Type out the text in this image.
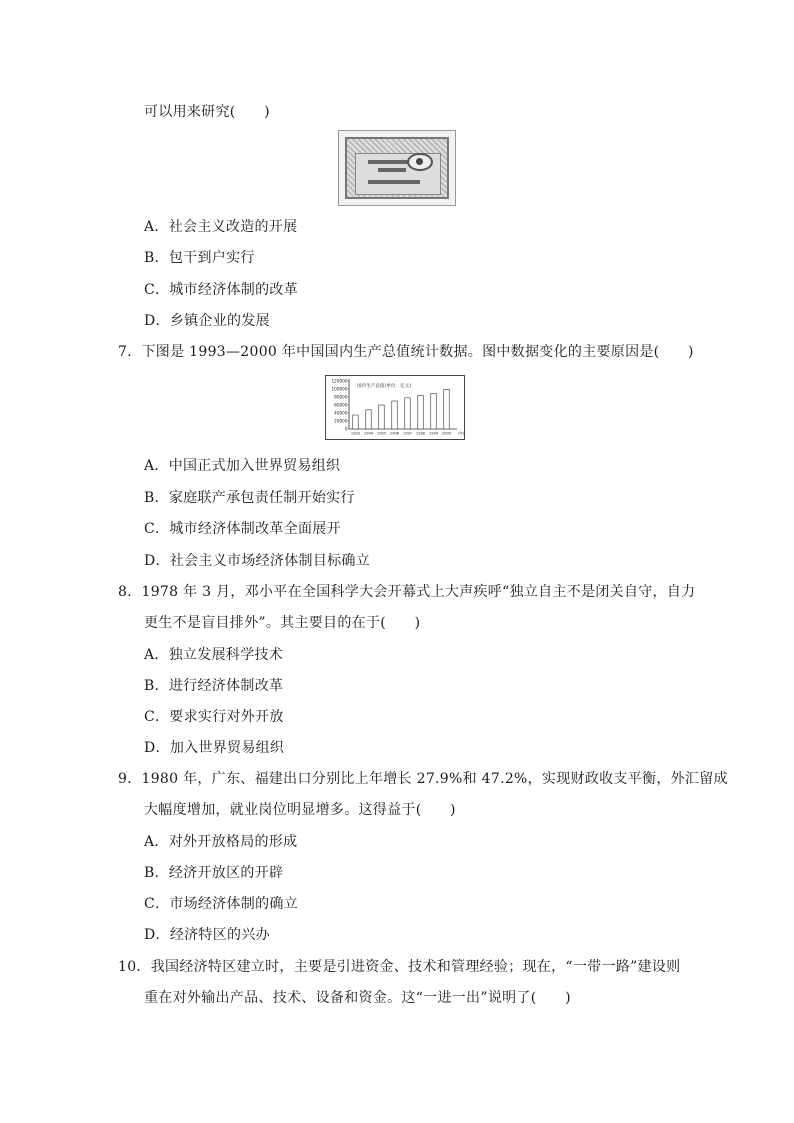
可以用来研究(　　)
A．社会主义改造的开展
B．包干到户实行
C．城市经济体制的改革
D．乡镇企业的发展
7．下图是 1993—2000 年中国国内生产总值统计数据。图中数据变化的主要原因是(　　)
0
20000
40000
60000
80000
100000
120000
国内生产总值(单位：亿元)
1993 1994 1995 1996 1997 1998 1999 2000 (年)
A．中国正式加入世界贸易组织
B．家庭联产承包责任制开始实行
C．城市经济体制改革全面展开
D．社会主义市场经济体制目标确立
8．1978 年 3 月，邓小平在全国科学大会开幕式上大声疾呼“独立自主不是闭关自守，自力
更生不是盲目排外”。其主要目的在于(　　)
A．独立发展科学技术
B．进行经济体制改革
C．要求实行对外开放
D．加入世界贸易组织
9．1980 年，广东、福建出口分别比上年增长 27.9%和 47.2%，实现财政收支平衡，外汇留成
大幅度增加，就业岗位明显增多。这得益于(　　)
A．对外开放格局的形成
B．经济开放区的开辟
C．市场经济体制的确立
D．经济特区的兴办
10．我国经济特区建立时，主要是引进资金、技术和管理经验；现在，“一带一路”建设则
重在对外输出产品、技术、设备和资金。这“一进一出”说明了(　　)
